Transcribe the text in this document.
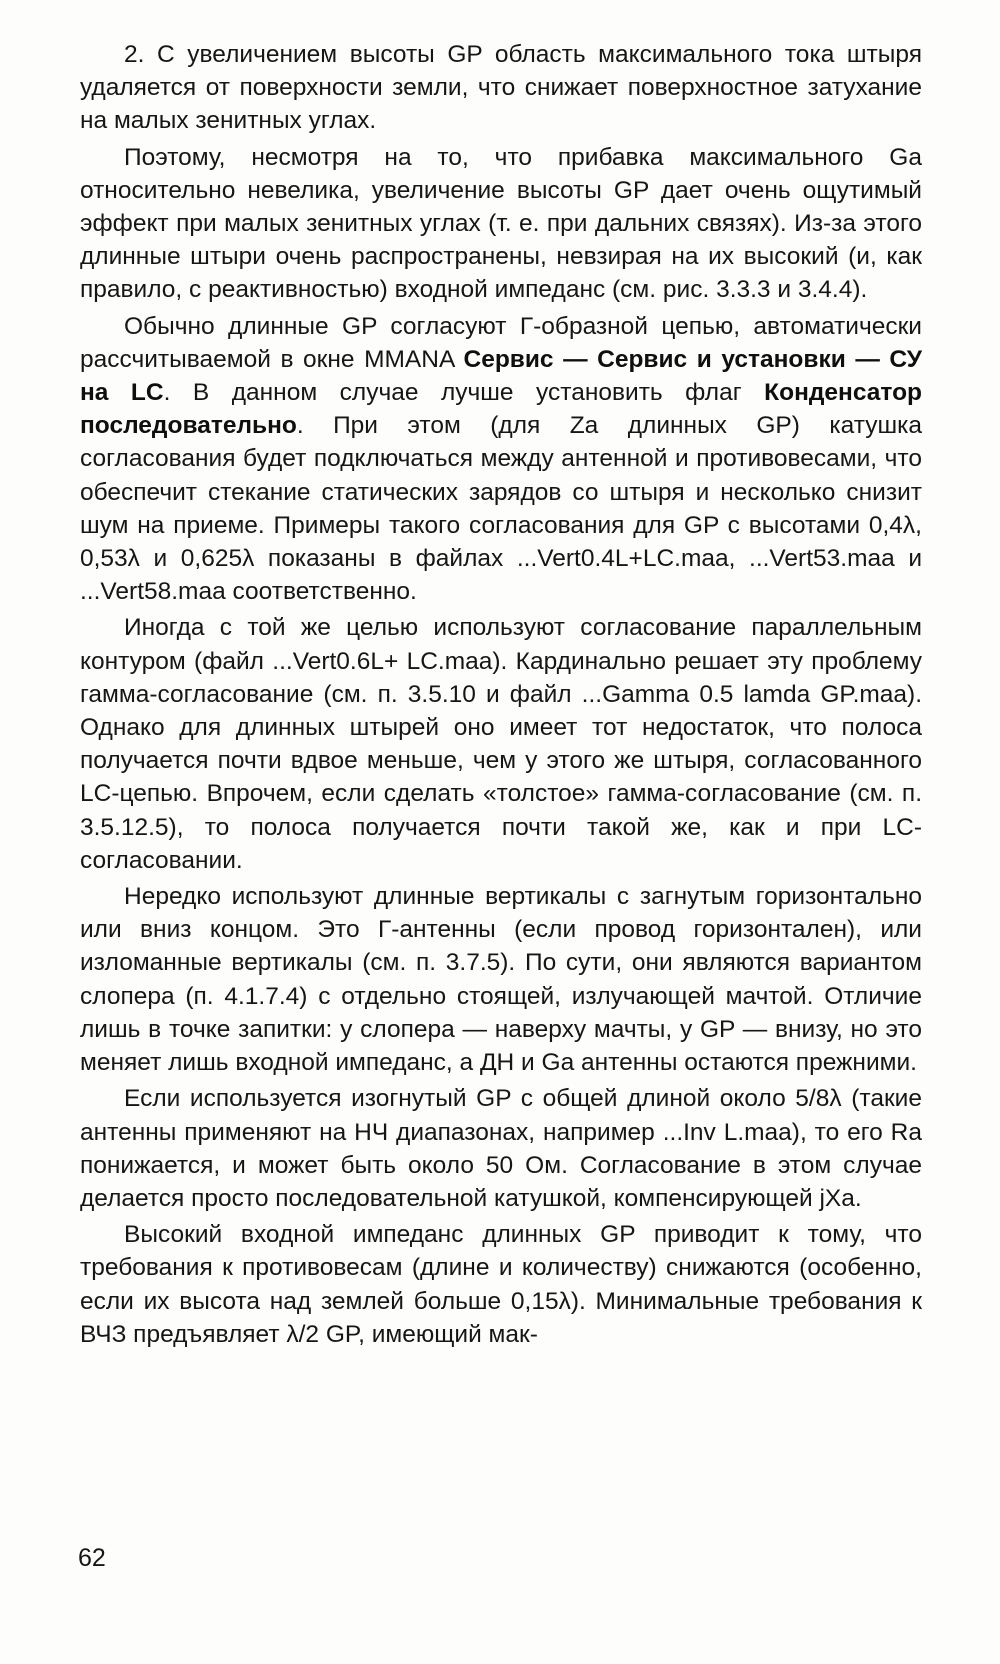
2. С увеличением высоты GP область максимального тока штыря удаляется от поверхности земли, что снижает поверхностное затухание на малых зенитных углах.

Поэтому, несмотря на то, что прибавка максимального Ga относительно невелика, увеличение высоты GP дает очень ощутимый эффект при малых зенитных углах (т. е. при дальних связях). Из-за этого длинные штыри очень распространены, невзирая на их высокий (и, как правило, с реактивностью) входной импеданс (см. рис. 3.3.3 и 3.4.4).

Обычно длинные GP согласуют Г-образной цепью, автоматически рассчитываемой в окне MMANA Сервис — Сервис и установки — СУ на LC. В данном случае лучше установить флаг Конденсатор последовательно. При этом (для Za длинных GP) катушка согласования будет подключаться между антенной и противовесами, что обеспечит стекание статических зарядов со штыря и несколько снизит шум на приеме. Примеры такого согласования для GP с высотами 0,4λ, 0,53λ и 0,625λ показаны в файлах ...Vert0.4L+LC.maa, ...Vert53.maa и ...Vert58.maa соответственно.

Иногда с той же целью используют согласование параллельным контуром (файл ...Vert0.6L+ LC.maa). Кардинально решает эту проблему гамма-согласование (см. п. 3.5.10 и файл ...Gamma 0.5 lamda GP.maa). Однако для длинных штырей оно имеет тот недостаток, что полоса получается почти вдвое меньше, чем у этого же штыря, согласованного LC-цепью. Впрочем, если сделать «толстое» гамма-согласование (см. п. 3.5.12.5), то полоса получается почти такой же, как и при LC-согласовании.

Нередко используют длинные вертикалы с загнутым горизонтально или вниз концом. Это Г-антенны (если провод горизонтален), или изломанные вертикалы (см. п. 3.7.5). По сути, они являются вариантом слопера (п. 4.1.7.4) с отдельно стоящей, излучающей мачтой. Отличие лишь в точке запитки: у слопера — наверху мачты, у GP — внизу, но это меняет лишь входной импеданс, а ДН и Ga антенны остаются прежними.

Если используется изогнутый GP с общей длиной около 5/8λ (такие антенны применяют на НЧ диапазонах, например ...Inv L.maa), то его Ra понижается, и может быть около 50 Ом. Согласование в этом случае делается просто последовательной катушкой, компенсирующей jXa.

Высокий входной импеданс длинных GP приводит к тому, что требования к противовесам (длине и количеству) снижаются (особенно, если их высота над землей больше 0,15λ). Минимальные требования к ВЧЗ предъявляет λ/2 GP, имеющий мак-

62
